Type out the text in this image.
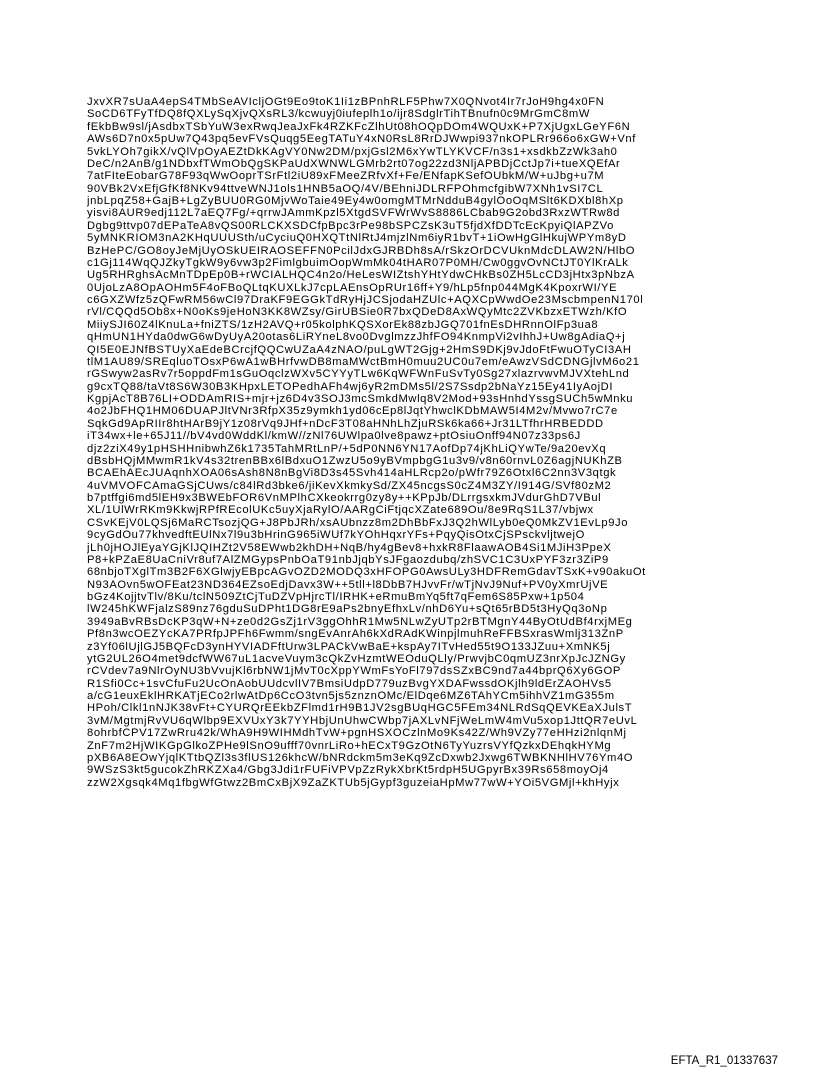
JxvXR7sUaA4epS4TMbSeAVIcljOGt9Eo9toK1Ii1zBPnhRLF5Phw7X0QNvot4Ir7rJoH9hg4x0FN
SoCD6TFyTfDQ8fQXLySqXjvQXsRL3/kcwuyj0iufeplh1o/ijr8SdglrTihTBnufn0c9MrGmC8mW
fEkbBw9sl/jAsdbxTSbYuW3exRwqJeaJxFk4RZKFcZlhUt08hOQpDOm4WQUxK+P7XjUgxLGeYF6N
AWs6D7n0x5pUw7Q43pq5evFVsQuqg5EegTATuY4xN0RsL8RrDJWwpi937nkOPLRr966o6xGW+Vnf
5vkLYOh7gikX/vQlVpOyAEZtDkKAgVY0Nw2DM/pxjGsl2M6xYwTLYKVCF/n3s1+xsdkbZzWk3ah0
DeC/n2AnB/g1NDbxfTWmObQgSKPaUdXWNWLGMrb2rt07og22zd3NljAPBDjCctJp7i+tueXQEfAr
7atFIteEobarG78F93qWwOoprTSrFtl2iU89xFMeeZRfvXf+Fe/ENfapKSefOUbkM/W+uJbg+u7M
90VBk2VxEfjGfKf8NKv94ttveWNJ1ols1HNB5aOQ/4V/BEhniJDLRFPOhmcfgibW7XNh1vSI7CL
jnbLpqZ58+GajB+LgZyBUU0RG0MjvWoTaie49Ey4w0omgMTMrNdduB4gylOoOqMSlt6KDXbl8hXp
yisvi8AUR9edj112L7aEQ7Fg/+qrrwJAmmKpzl5XtgdSVFWrWvS8886LCbab9G2obd3RxzWTRw8d
Dgbg9ttvp07dEPaTeA8vQS00RLCKXSDCfpBpc3rPe98bSPCZsK3uT5fjdXfDDTcEcKpyiQlAPZVo
5yMNKRIOM3nA2KHqUUUSth/uCyciuQ0HXQTtNlRtJ4mjzlNm6iyR1bvT+1iOwHgGlHkujWPYm8yD
BzHePC/GO8oyJeMjUyOSkUEIRAOSEFFN0PcilJdxGJRBDh8sA/rSkzOrDCVUknMdcDLAW2N/HlbO
c1Gj114WqQJZkyTgkW9y6vw3p2FimlgbuimOopWmMk04tHAR07P0MH/Cw0ggvOvNCtJT0YlKrALk
Ug5RHRghsAcMnTDpEp0B+rWCIALHQC4n2o/HeLesWIZtshYHtYdwCHkBs0ZH5LcCD3jHtx3pNbzA
0UjoLzA8OpAOHm5F4oFBoQLtqKUXLkJ7cpLAEnsOpRUr16ff+Y9/hLp5fnp044MgK4KpoxrWI/YE
c6GXZWfz5zQFwRM56wCl97DraKF9EGGkTdRyHjJCSjodaHZUlc+AQXCpWwdOe23MscbmpenN170l
rVl/CQQd5Ob8x+N0oKs9jeHoN3KK8WZsy/GirUBSie0R7bxQDeD8AxWQyMtc2ZVKbzxETWzh/KfO
MiiySJI60Z4lKnuLa+fniZTS/1zH2AVQ+r05kolphKQSXorEk88zbJGQ701fnEsDHRnnOlFp3ua8
qHmUN1HYda0dwG6wDyUyA20otas6LiRYneL8vo0DvglmzzJhfFO94KnmpVi2vIhhJ+Uw8gAdiaQ+j
QI5E0EJNfBSTUyXaEdeBCrcjfQQCwUZaA4zNAO/puLgWT2Gjg+2HmS9DKj9vJdoFtFwuOTyCI3AH
tlM1AU89/SREqluoTOsxP6wA1wBHrfvwDB8maMWctBmH0muu2UC0u7em/eAwzVSdCDNGjlvM6o21
rGSwyw2asRv7r5oppdFm1sGuOqclzWXv5CYYyTLw6KqWFWnFuSvTy0Sg27xlazrvwvMJVXtehLnd
g9cxTQ88/taVt8S6W30B3KHpxLETOPedhAFh4wj6yR2mDMs5l/2S7Ssdp2bNaYz15Ey41IyAojDI
KgpjAcT8B76LI+ODDAmRIS+mjr+jz6D4v3SOJ3mcSmkdMwlq8V2Mod+93sHnhdYssgSUCh5wMnku
4o2JbFHQ1HM06DUAPJltVNr3RfpX35z9ymkh1yd06cEp8lJqtYhwclKDbMAW5I4M2v/Mvwo7rC7e
SqkGd9ApRIIr8htHArB9jY1z08rVq9JHf+nDcF3T08aHNhLhZjuRSk6ka66+Jr31LTfhrHRBEDDD
iT34wx+le+65J11//bV4vd0WddKl/kmW//zNl76UWlpa0lve8pawz+ptOsiuOnff94N07z33ps6J
djz2ziX49y1pHSHHnibwhZ6k1735TahMRtLnP/+5dP0NN6YN17AofDp74jKhLiQYwTe/9a20evXq
dBsbHQjMMwmR1kV4s32trenBBx6lBdxuO1ZwzU5o9yBVmpbgG1u3v9/v8n60rnvL0Z6agjNUKhZB
BCAEhAEcJUAqnhXOA06sAsh8N8nBgVi8D3s45Svh414aHLRcp2o/pWfr79Z6Otxl6C2nn3V3qtgk
4uVMVOFCAmaGSjCUws/c84lRd3bke6/jiKevXkmkySd/ZX45ncgsS0cZ4M3ZY/I914G/SVf80zM2
b7ptffgi6md5lEH9x3BWEbFOR6VnMPlhCXkeokrrg0zy8y++KPpJb/DLrrgsxkmJVdurGhD7VBul
XL/1UlWrRKm9KkwjRPfREcolUKc5uyXjaRylO/AARgCiFtjqcXZate689Ou/8e9RqS1L37/vbjwx
CSvKEjV0LQSj6MaRCTsozjQG+J8PbJRh/xsAUbnzz8m2DhBbFxJ3Q2hWlLyb0eQ0MkZV1EvLp9Jo
9cyGdOu77khvedftEUlNx7l9u3bHrinG965iWUf7kYOhHqxrYFs+PqyQisOtxCjSPsckvljtwejO
jLh0jHOJlEyaYGjKlJQIHZt2V58EWwb2khDH+NqB/hy4gBev8+hxkR8FlaawAOB4Si1MJiH3PpeX
P8+kPZaE8UaCniVr8uf7AlZMGypsPnbOaT91nbJjqbYsJFgaozdubq/zhSVC1C3UxPYF3zr3ZiP9
68nbjoTXglTm3B2F6XGlwjyEBpcAGvOZD2MODQ3xHFOPG0AwsULy3HDFRemGdavTSxK+v90akuOt
N93AOvn5wOFEat23ND364EZsoEdjDavx3W++5tll+l8DbB7HJvvFr/wTjNvJ9Nuf+PV0yXmrUjVE
bGz4KojjtvTlv/8Ku/tclN509ZtCjTuDZVpHjrcTl/IRHK+eRmuBmYq5ft7qFem6S85Pxw+1p504
lW245hKWFjalzS89nz76gduSuDPht1DG8rE9aPs2bnyEfhxLv/nhD6Yu+sQt65rBD5t3HyQq3oNp
3949aBvRBsDcKP3qW+N+ze0d2GsZj1rV3ggOhhR1Mw5NLwZyUTp2rBTMgnY44ByOtUdBf4rxjMEg
Pf8n3wcOEZYcKA7PRfpJPFh6Fwmm/sngEvAnrAh6kXdRAdKWinpjlmuhReFFBSxrasWmlj313ZnP
z3Yf06lUjlGJ5BQFcD3ynHYVIADFftUrw3LPACkVwBaE+kspAy7ITvHed55t9O133JZuu+XmNK5j
ytG2UL26O4met9dcfWW67uL1acveVuym3cQkZvHzmtWEOduQLly/PrwvjbC0qmUZ3nrXpJcJZNGy
rCVdev7a9NlrOyNU3bVvujKl6rbNW1jMvT0cXppYWmFsYoFl797dsSZxBC9nd7a44bprQ6Xy6GOP
R1Sfi0Cc+1svCfuFu2UcOnAobUUdcvlIV7BmsiUdpD779uzBvgYXDAFwssdOKjlh9ldErZAOHVs5
a/cG1euxEklHRKATjECo2rlwAtDp6CcO3tvn5js5znznOMc/ElDqe6MZ6TAhYCm5ihhVZ1mG355m
HPoh/Clkl1nNJK38vFt+CYURQrEEkbZFlmd1rH9B1JV2sgBUqHGC5FEm34NLRdSqQEVKEaXJulsT
3vM/MgtmjRvVU6qWlbp9EXVUxY3k7YYHbjUnUhwCWbp7jAXLvNFjWeLmW4mVu5xop1JttQR7eUvL
8ohrbfCPV17ZwRru42k/WhA9H9WIHMdhTvW+pgnHSXOCzlnMo9Ks42Z/Wh9VZy77eHHzi2nlqnMj
ZnF7m2HjWIKGpGlkoZPHe9lSnO9ufff70vnrLiRo+hECxT9GzOtN6TyYuzrsVYfQzkxDEhqkHYMg
pXB6A8EOwYjqlKTtbQZl3s3flUS126khcW/bNRdckm5m3eKq9ZcDxwb2Jxwg6TWBKNHlHV76Ym4O
9WSzS3kt5gucokZhRKZXa4/Gbg3Jdi1rFUFiVPVpZzRykXbrKt5rdpH5UGpyrBx39Rs658moyOj4
zzW2Xgsqk4Mq1fbgWfGtwz2BmCxBjX9ZaZKTUb5jGypf3guzeiaHpMw77wW+YOi5VGMjl+khHyjx
EFTA_R1_01337637
